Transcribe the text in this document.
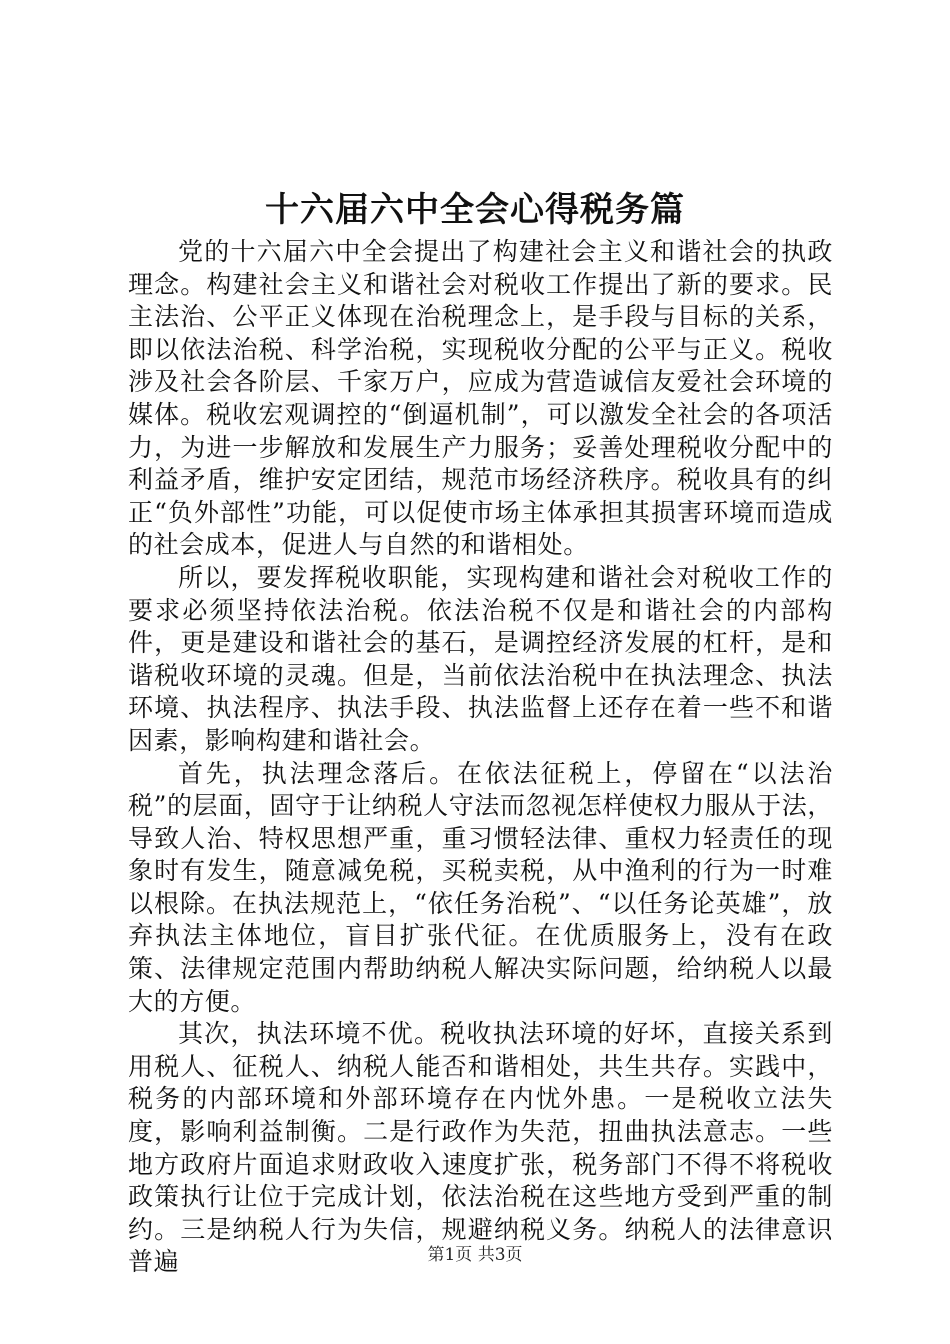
十六届六中全会心得税务篇

党的十六届六中全会提出了构建社会主义和谐社会的执政理念。构建社会主义和谐社会对税收工作提出了新的要求。民主法治、公平正义体现在治税理念上，是手段与目标的关系，即以依法治税、科学治税，实现税收分配的公平与正义。税收涉及社会各阶层、千家万户，应成为营造诚信友爱社会环境的媒体。税收宏观调控的“倒逼机制”，可以激发全社会的各项活力，为进一步解放和发展生产力服务；妥善处理税收分配中的利益矛盾，维护安定团结，规范市场经济秩序。税收具有的纠正“负外部性”功能，可以促使市场主体承担其损害环境而造成的社会成本，促进人与自然的和谐相处。

所以，要发挥税收职能，实现构建和谐社会对税收工作的要求必须坚持依法治税。依法治税不仅是和谐社会的内部构件，更是建设和谐社会的基石，是调控经济发展的杠杆，是和谐税收环境的灵魂。但是，当前依法治税中在执法理念、执法环境、执法程序、执法手段、执法监督上还存在着一些不和谐因素，影响构建和谐社会。

首先，执法理念落后。在依法征税上，停留在“以法治税”的层面，固守于让纳税人守法而忽视怎样使权力服从于法，导致人治、特权思想严重，重习惯轻法律、重权力轻责任的现象时有发生，随意减免税，买税卖税，从中渔利的行为一时难以根除。在执法规范上，“依任务治税”、“以任务论英雄”，放弃执法主体地位，盲目扩张代征。在优质服务上，没有在政策、法律规定范围内帮助纳税人解决实际问题，给纳税人以最大的方便。

其次，执法环境不优。税收执法环境的好坏，直接关系到用税人、征税人、纳税人能否和谐相处，共生共存。实践中，税务的内部环境和外部环境存在内忧外患。一是税收立法失度，影响利益制衡。二是行政作为失范，扭曲执法意志。一些地方政府片面追求财政收入速度扩张，税务部门不得不将税收政策执行让位于完成计划，依法治税在这些地方受到严重的制约。三是纳税人行为失信，规避纳税义务。纳税人的法律意识普遍	第1页 共3页
